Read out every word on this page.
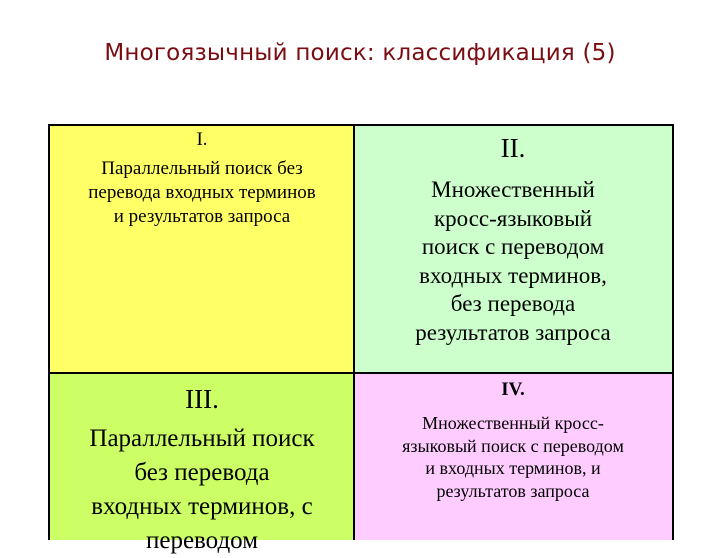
Многоязычный поиск: классификация (5)
I.
Параллельный поиск без
перевода входных терминов
и результатов запроса
II.
Множественный
кросс-языковый
поиск с переводом
входных терминов,
без перевода
результатов запроса
III.
Параллельный поиск
без перевода
входных терминов, с
переводом
IV.
Множественный кросс-
языковый поиск с переводом
и входных терминов, и
результатов запроса
